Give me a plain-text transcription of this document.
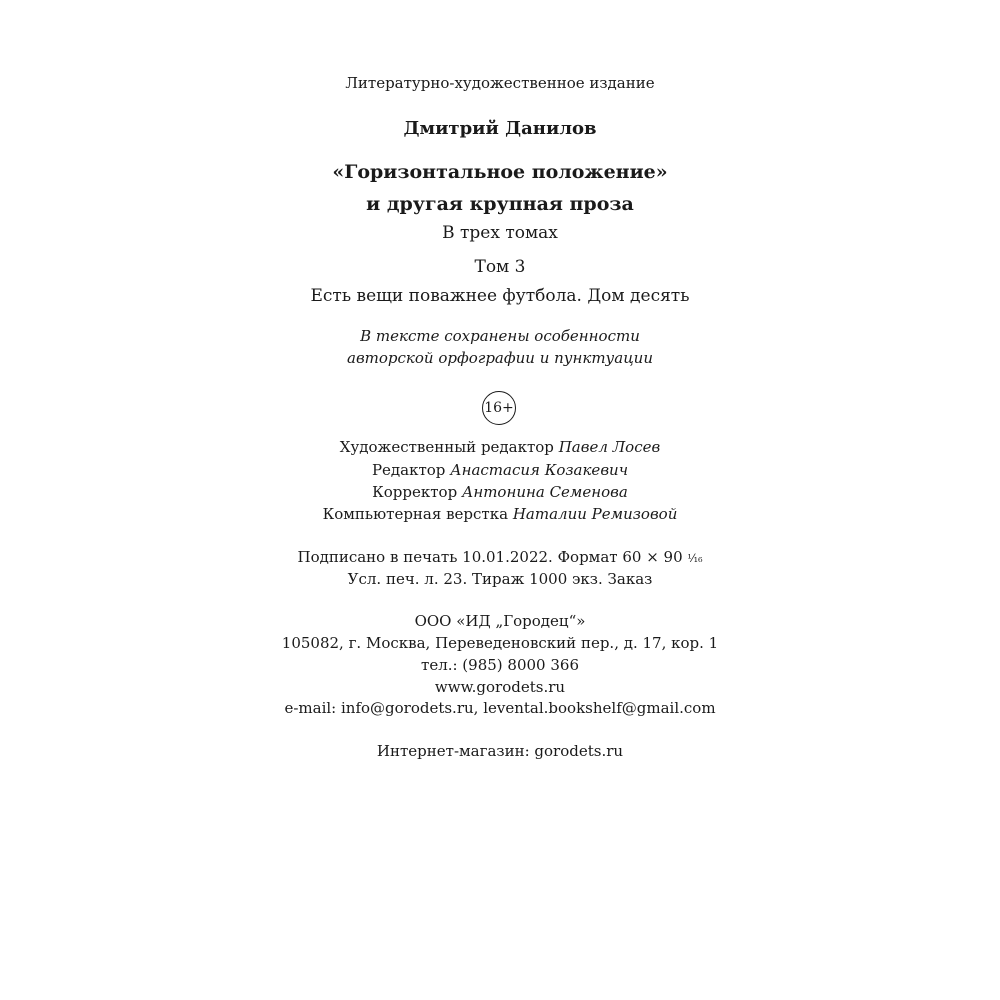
Литературно-художественное издание
Дмитрий Данилов
«Горизонтальное положение»
и другая крупная проза
В трех томах
Том 3
Есть вещи поважнее футбола. Дом десять
В тексте сохранены особенности
авторской орфографии и пунктуации
16+
Художественный редактор Павел Лосев
Редактор Анастасия Козакевич
Корректор Антонина Семенова
Компьютерная верстка Наталии Ремизовой
Подписано в печать 10.01.2022. Формат 60 × 90 ¹⁄₁₆
Усл. печ. л. 23. Тираж 1000 экз. Заказ
ООО «ИД „Городец“»
105082, г. Москва, Переведеновский пер., д. 17, кор. 1
тел.: (985) 8000 366
www.gorodets.ru
e-mail: info@gorodets.ru, levental.bookshelf@gmail.com
Интернет-магазин: gorodets.ru
